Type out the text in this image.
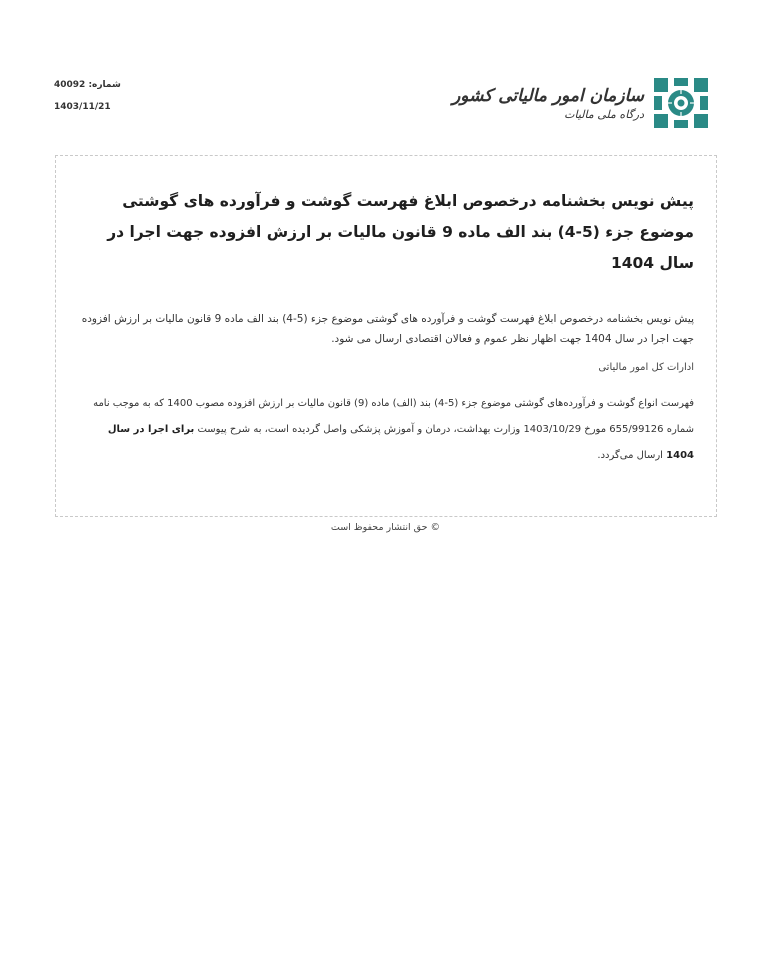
شماره: 40092
1403/11/21
سازمان امور مالیاتی کشور
درگاه ملی مالیات
پیش نویس بخشنامه درخصوص ابلاغ فهرست گوشت و فرآورده های گوشتی موضوع جزء (5-4) بند الف ماده 9 قانون مالیات بر ارزش افزوده جهت اجرا در سال 1404
پیش نویس بخشنامه درخصوص ابلاغ فهرست گوشت و فرآورده های گوشتی موضوع جزء (5-4) بند الف ماده 9 قانون مالیات بر ارزش افزوده جهت اجرا در سال 1404 جهت اظهار نظر عموم و فعالان اقتصادی ارسال می شود.
ادارات کل امور مالیاتی
فهرست انواع گوشت و فرآورده‌های گوشتی موضوع جزء (5-4) بند (الف) ماده (9) قانون مالیات بر ارزش افزوده مصوب 1400 که به موجب نامه شماره 655/99126 مورخ 1403/10/29 وزارت بهداشت، درمان و آموزش پزشکی واصل گردیده است، به شرح پیوست برای اجرا در سال 1404 ارسال می‌گردد.
© حق انتشار محفوظ است
